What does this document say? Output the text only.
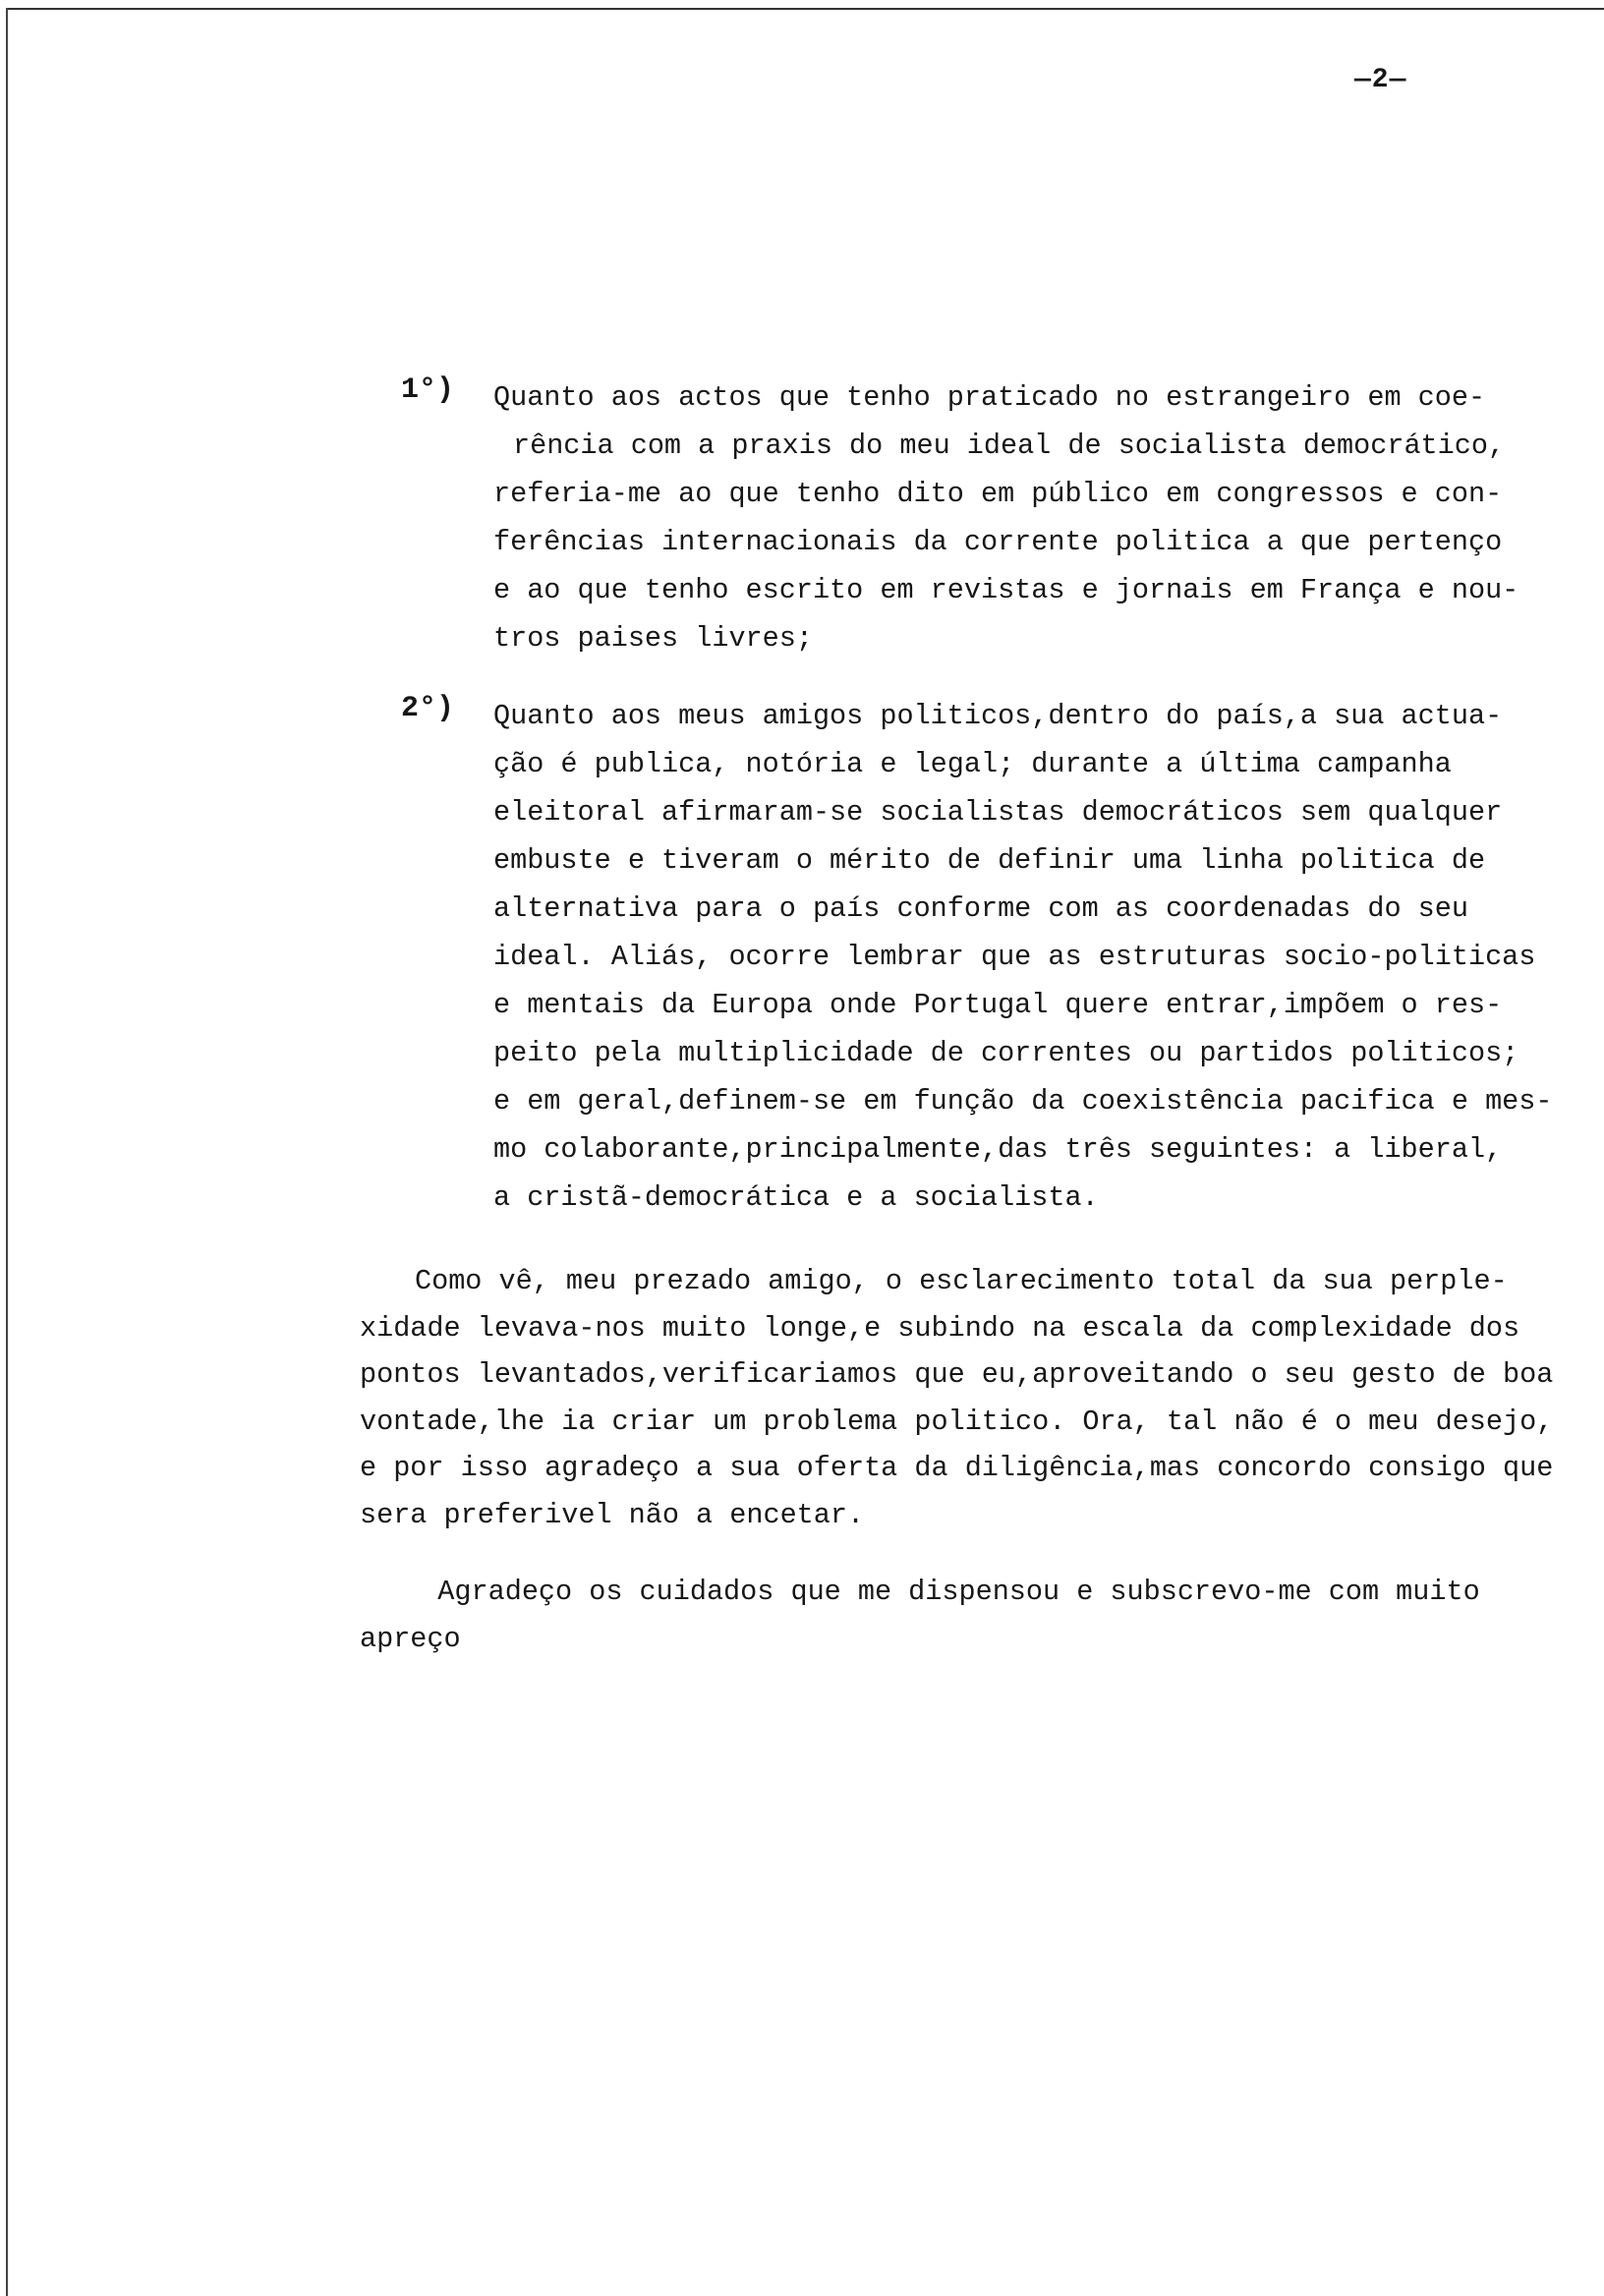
—2—
1°) Quanto aos actos que tenho praticado no estrangeiro em coe-
rência com a praxis do meu ideal de socialista democrático,
referia-me ao que tenho dito em público em congressos e con-
ferências internacionais da corrente politica a que pertenço
e ao que tenho escrito em revistas e jornais em França e nou-
tros paises livres;
2°) Quanto aos meus amigos politicos,dentro do país,a sua actua-
ção é publica, notória e legal; durante a última campanha
eleitoral afirmaram-se socialistas democráticos sem qualquer
embuste e tiveram o mérito de definir uma linha politica de
alternativa para o país conforme com as coordenadas do seu
ideal. Aliás, ocorre lembrar que as estruturas socio-politicas
e mentais da Europa onde Portugal quere entrar,impõem o res-
peito pela multiplicidade de correntes ou partidos politicos;
e em geral,definem-se em função da coexistência pacifica e mes-
mo colaborante,principalmente,das três seguintes: a liberal,
a cristã-democrática e a socialista.
Como vê, meu prezado amigo, o esclarecimento total da sua perple-
xidade levava-nos muito longe,e subindo na escala da complexidade dos
pontos levantados,verificariamos que eu,aproveitando o seu gesto de boa
vontade,lhe ia criar um problema politico. Ora, tal não é o meu desejo,
e por isso agradeço a sua oferta da diligência,mas concordo consigo que
sera preferivel não a encetar.
Agradeço os cuidados que me dispensou e subscrevo-me com muito
apreço
